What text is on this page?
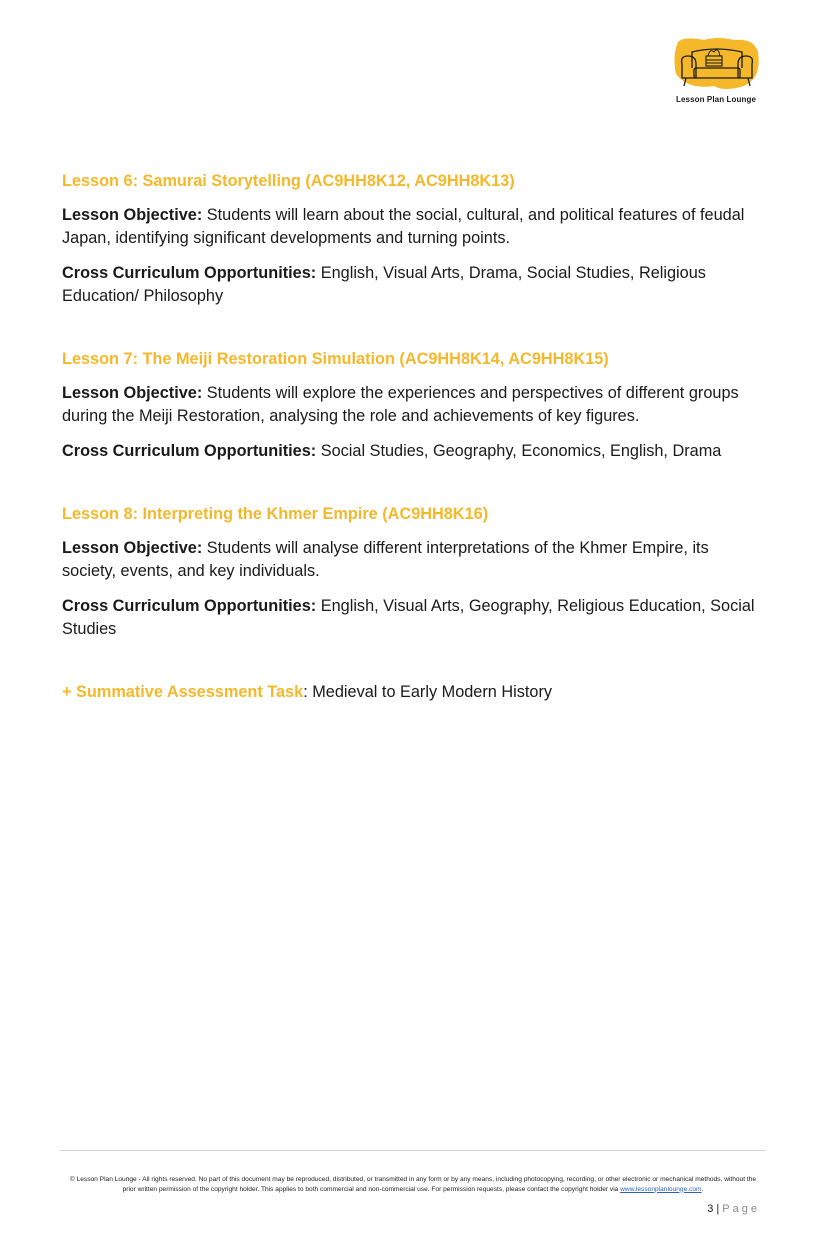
Lesson Plan Lounge
Lesson 6: Samurai Storytelling (AC9HH8K12, AC9HH8K13)

Lesson Objective: Students will learn about the social, cultural, and political features of feudal Japan, identifying significant developments and turning points.

Cross Curriculum Opportunities: English, Visual Arts, Drama, Social Studies, Religious Education/ Philosophy

Lesson 7: The Meiji Restoration Simulation (AC9HH8K14, AC9HH8K15)

Lesson Objective: Students will explore the experiences and perspectives of different groups during the Meiji Restoration, analysing the role and achievements of key figures.

Cross Curriculum Opportunities: Social Studies, Geography, Economics, English, Drama

Lesson 8: Interpreting the Khmer Empire (AC9HH8K16)

Lesson Objective: Students will analyse different interpretations of the Khmer Empire, its society, events, and key individuals.

Cross Curriculum Opportunities: English, Visual Arts, Geography, Religious Education, Social Studies

+ Summative Assessment Task: Medieval to Early Modern History
© Lesson Plan Lounge - All rights reserved. No part of this document may be reproduced, distributed, or transmitted in any form or by any means, including photocopying, recording, or other electronic or mechanical methods, without the prior written permission of the copyright holder. This applies to both commercial and non-commercial use. For permission requests, please contact the copyright holder via www.lessonplanlounge.com.
3 | Page
